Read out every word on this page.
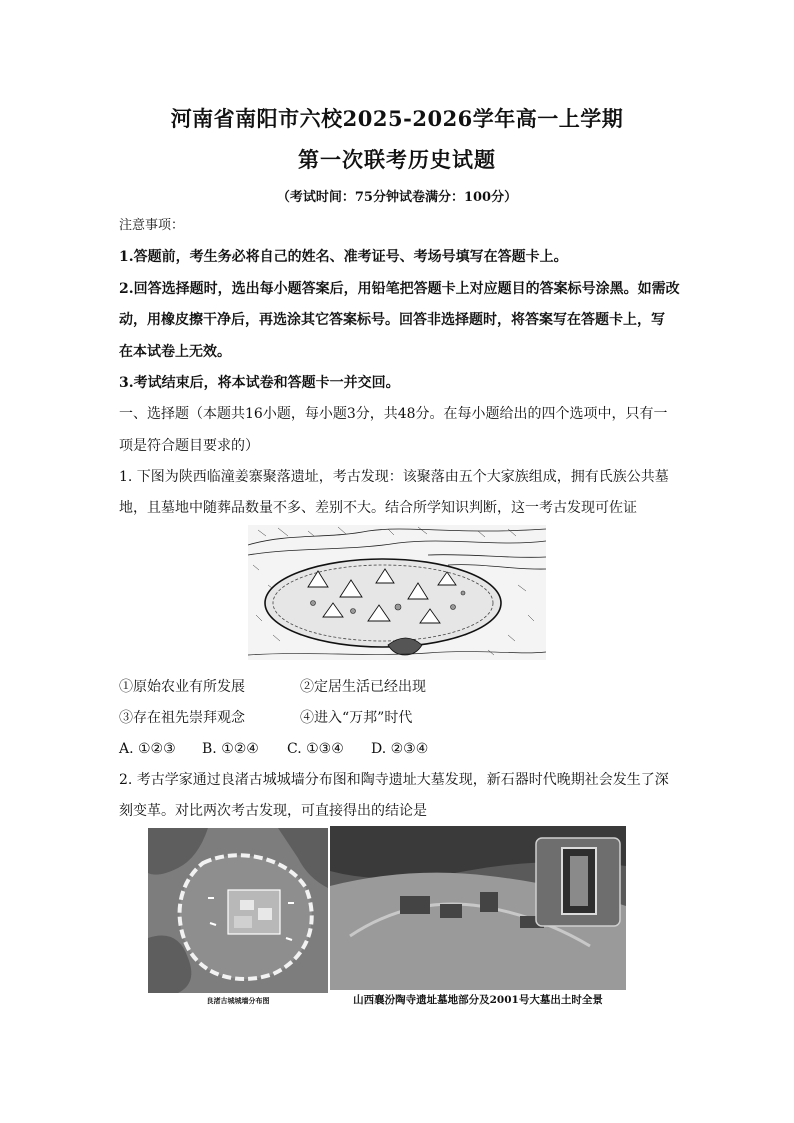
河南省南阳市六校2025-2026学年高一上学期
第一次联考历史试题
（考试时间：75分钟试卷满分：100分）
注意事项：
1.答题前，考生务必将自己的姓名、准考证号、考场号填写在答题卡上。
2.回答选择题时，选出每小题答案后，用铅笔把答题卡上对应题目的答案标号涂黑。如需改
动，用橡皮擦干净后，再选涂其它答案标号。回答非选择题时，将答案写在答题卡上，写
在本试卷上无效。
3.考试结束后，将本试卷和答题卡一并交回。
一、选择题（本题共16小题，每小题3分，共48分。在每小题给出的四个选项中，只有一
项是符合题目要求的）
1. 下图为陕西临潼姜寨聚落遗址，考古发现：该聚落由五个大家族组成，拥有氏族公共墓
地，且墓地中随葬品数量不多、差别不大。结合所学知识判断，这一考古发现可佐证
①原始农业有所发展	②定居生活已经出现
③存在祖先崇拜观念	④进入“万邦”时代
A. ①②③ B. ①②④ C. ①③④ D. ②③④
2. 考古学家通过良渚古城城墙分布图和陶寺遗址大墓发现，新石器时代晚期社会发生了深
刻变革。对比两次考古发现，可直接得出的结论是
良渚古城城墙分布图	山西襄汾陶寺遗址墓地部分及2001号大墓出土时全景
